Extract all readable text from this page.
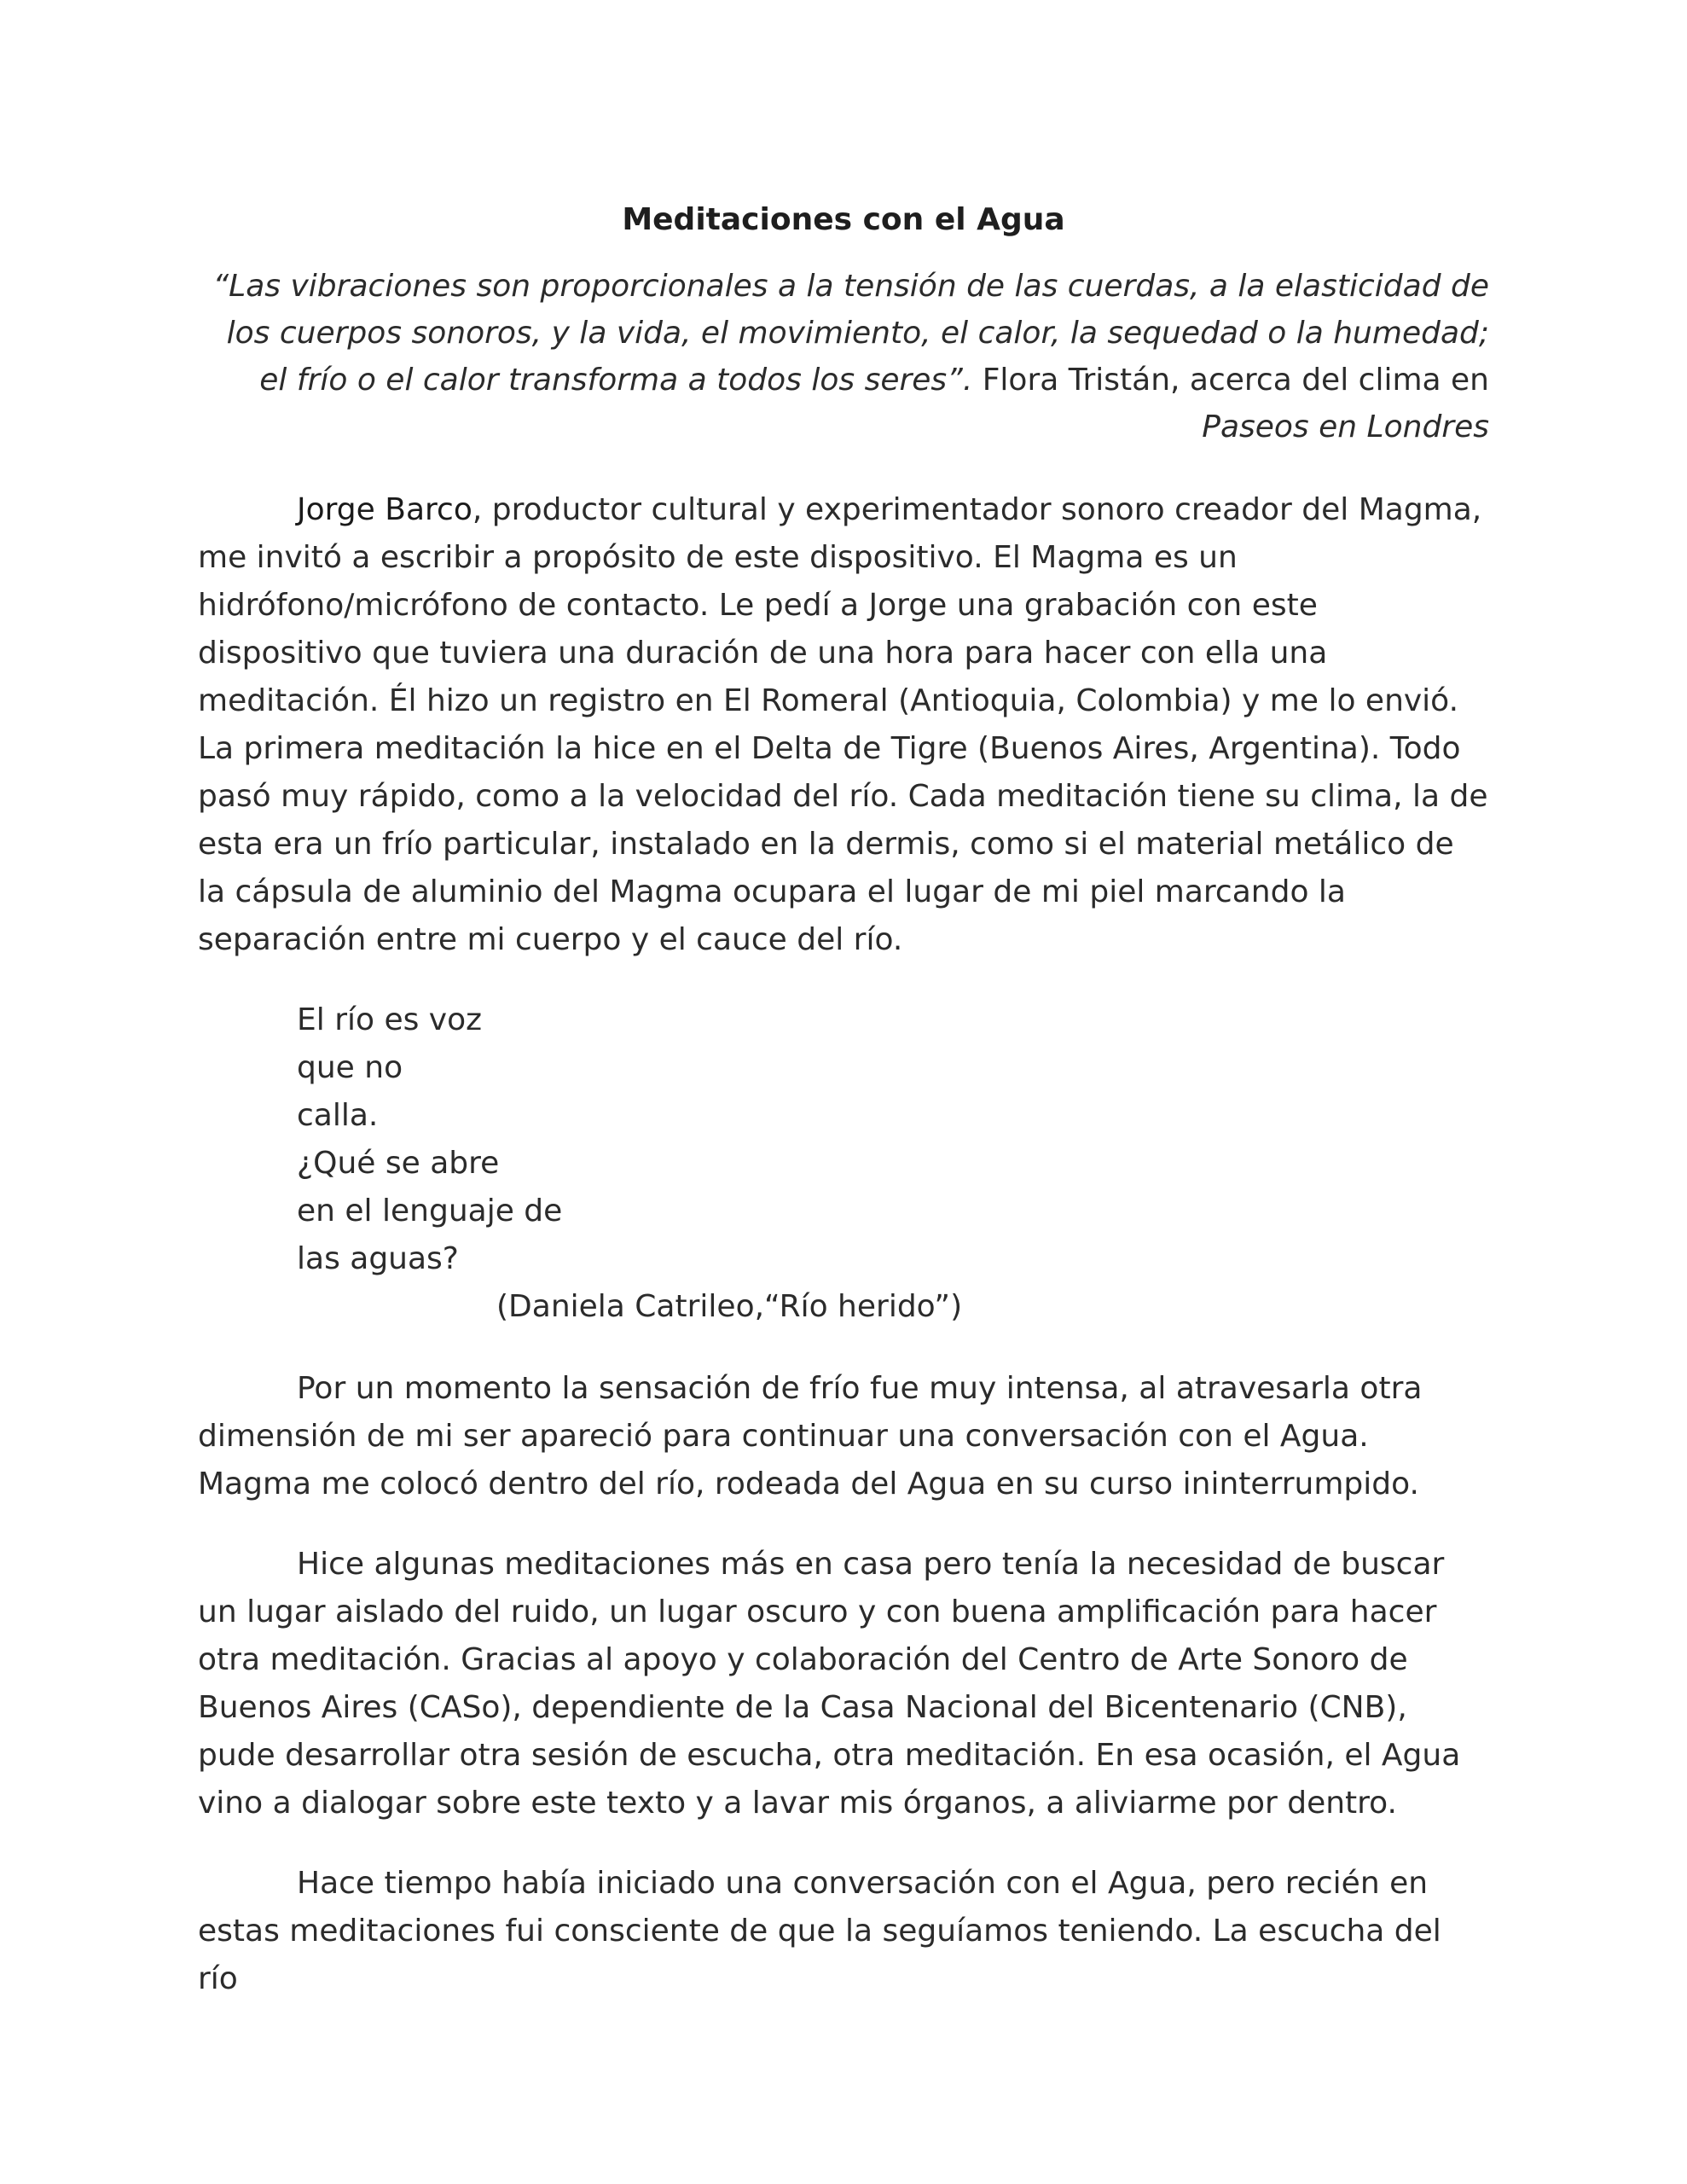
Meditaciones con el Agua
“Las vibraciones son proporcionales a la tensión de las cuerdas, a la elasticidad de los cuerpos sonoros, y la vida, el movimiento, el calor, la sequedad o la humedad; el frío o el calor transforma a todos los seres”. Flora Tristán, acerca del clima en Paseos en Londres

Jorge Barco, productor cultural y experimentador sonoro creador del Magma, me invitó a escribir a propósito de este dispositivo. El Magma es un hidrófono/micrófono de contacto. Le pedí a Jorge una grabación con este dispositivo que tuviera una duración de una hora para hacer con ella una meditación. Él hizo un registro en El Romeral (Antioquia, Colombia) y me lo envió. La primera meditación la hice en el Delta de Tigre (Buenos Aires, Argentina). Todo pasó muy rápido, como a la velocidad del río. Cada meditación tiene su clima, la de esta era un frío particular, instalado en la dermis, como si el material metálico de la cápsula de aluminio del Magma ocupara el lugar de mi piel marcando la separación entre mi cuerpo y el cauce del río.

El río es voz
que no
calla.
¿Qué se abre
en el lenguaje de
las aguas?
(Daniela Catrileo,“Río herido”)

Por un momento la sensación de frío fue muy intensa, al atravesarla otra dimensión de mi ser apareció para continuar una conversación con el Agua. Magma me colocó dentro del río, rodeada del Agua en su curso ininterrumpido.

Hice algunas meditaciones más en casa pero tenía la necesidad de buscar un lugar aislado del ruido, un lugar oscuro y con buena amplificación para hacer otra meditación. Gracias al apoyo y colaboración del Centro de Arte Sonoro de Buenos Aires (CASo), dependiente de la Casa Nacional del Bicentenario (CNB), pude desarrollar otra sesión de escucha, otra meditación. En esa ocasión, el Agua vino a dialogar sobre este texto y a lavar mis órganos, a aliviarme por dentro.

Hace tiempo había iniciado una conversación con el Agua, pero recién en estas meditaciones fui consciente de que la seguíamos teniendo. La escucha del río
